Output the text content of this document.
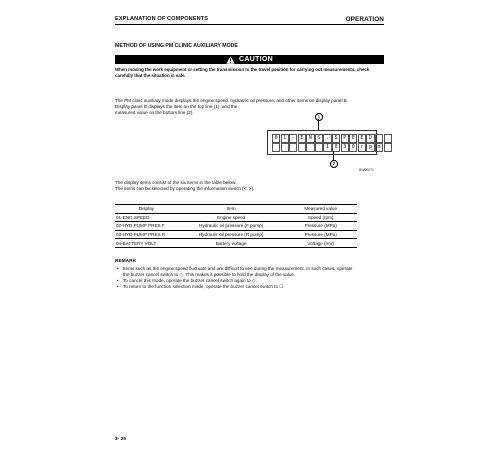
EXPLANATION OF COMPONENTS	OPERATION
METHOD OF USING PM CLINIC AUXILIARY MODE
CAUTION
When moving the work equipment or setting the transmission to the travel position for carrying out measurements, check
carefully that the situation is safe.
The PM clinic auxiliary mode displays the engine speed, hydraulic oil pressure, and other items on display panel B.
Display panel B displays the item on the top line (1), and the
measured value on the bottom line (2).
1
0	1	-	E	N	G	.	S	P	E	E	D
1	8	3	0	r	p	m
2
BW00071
The display items consist of the six items in the table below.
The items can be selected by operating the information switch (<, >).
Display	Item	Measured value
01-ENG.SPEED	Engine speed	Speed (rpm)
02-HYD.PUMP PRES F	Hydraulic oil pressure (F pump)	Pressure (MPa)
03-HYD.PUMP PRES R	Hydraulic oil pressure (R pump)	Pressure (MPa)
04-BATTERY VOLT	Battery voltage	Voltage (mV)
REMARK
• Items such as the engine speed fluctuate and are difficult to see during the measurement. In such cases, operate
the buzzer cancel switch to ◇. This makes it possible to hold the display of the value.
• To cancel this mode, operate the buzzer cancel switch again to ◇.
• To return to the function selection mode, operate the buzzer cancel switch to ☐.
3- 25
